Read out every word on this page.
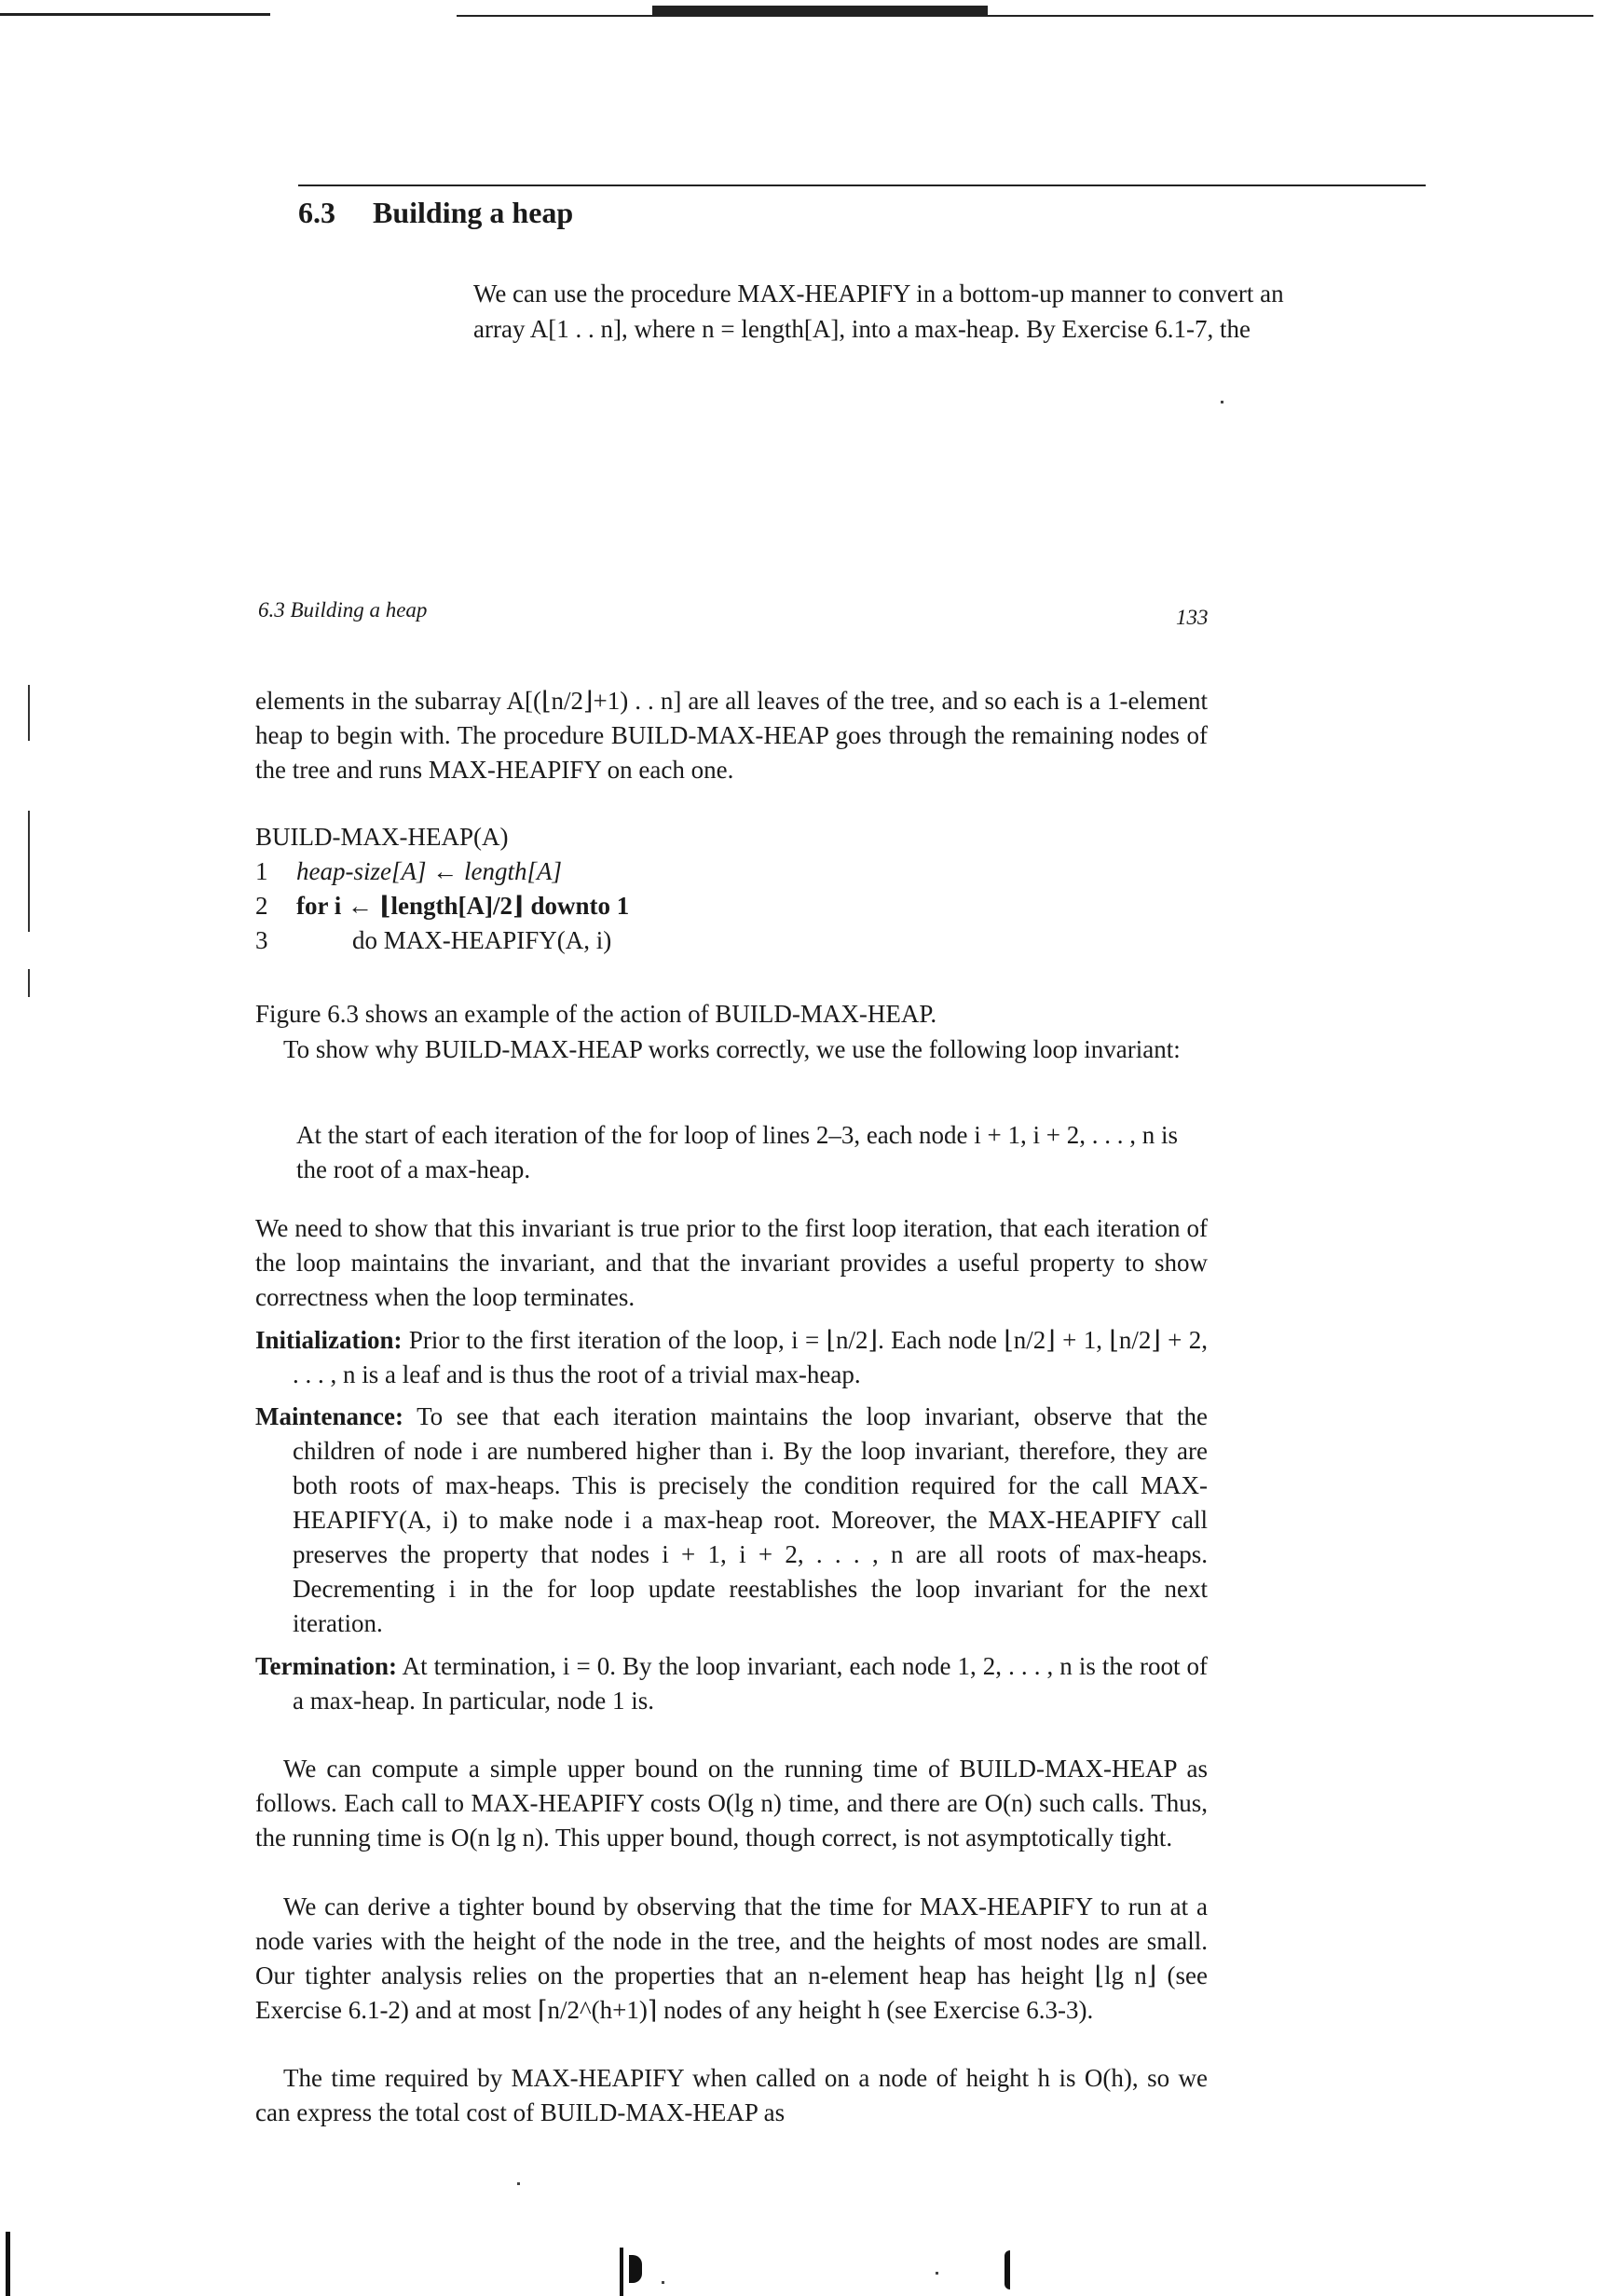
6.3 Building a heap
We can use the procedure MAX-HEAPIFY in a bottom-up manner to convert an
array A[1 . . n], where n = length[A], into a max-heap. By Exercise 6.1-7, the
6.3 Building a heap	133
elements in the subarray A[(⌊n/2⌋+1) . . n] are all leaves of the tree, and so each is a 1-element heap to begin with. The procedure BUILD-MAX-HEAP goes through the remaining nodes of the tree and runs MAX-HEAPIFY on each one.
BUILD-MAX-HEAP(A)
1 heap-size[A] ← length[A]
2 for i ← ⌊length[A]/2⌋ downto 1
3	do MAX-HEAPIFY(A, i)
Figure 6.3 shows an example of the action of BUILD-MAX-HEAP.
To show why BUILD-MAX-HEAP works correctly, we use the following loop invariant:
At the start of each iteration of the for loop of lines 2–3, each node i + 1, i + 2, . . . , n is the root of a max-heap.
We need to show that this invariant is true prior to the first loop iteration, that each iteration of the loop maintains the invariant, and that the invariant provides a useful property to show correctness when the loop terminates.
Initialization: Prior to the first iteration of the loop, i = ⌊n/2⌋. Each node ⌊n/2⌋ + 1, ⌊n/2⌋ + 2, . . . , n is a leaf and is thus the root of a trivial max-heap.
Maintenance: To see that each iteration maintains the loop invariant, observe that the children of node i are numbered higher than i. By the loop invariant, therefore, they are both roots of max-heaps. This is precisely the condition required for the call MAX-HEAPIFY(A, i) to make node i a max-heap root. Moreover, the MAX-HEAPIFY call preserves the property that nodes i + 1, i + 2, . . . , n are all roots of max-heaps. Decrementing i in the for loop update reestablishes the loop invariant for the next iteration.
Termination: At termination, i = 0. By the loop invariant, each node 1, 2, . . . , n is the root of a max-heap. In particular, node 1 is.
We can compute a simple upper bound on the running time of BUILD-MAX-HEAP as follows. Each call to MAX-HEAPIFY costs O(lg n) time, and there are O(n) such calls. Thus, the running time is O(n lg n). This upper bound, though correct, is not asymptotically tight.
We can derive a tighter bound by observing that the time for MAX-HEAPIFY to run at a node varies with the height of the node in the tree, and the heights of most nodes are small. Our tighter analysis relies on the properties that an n-element heap has height ⌊lg n⌋ (see Exercise 6.1-2) and at most ⌈n/2^(h+1)⌉ nodes of any height h (see Exercise 6.3-3).
The time required by MAX-HEAPIFY when called on a node of height h is O(h), so we can express the total cost of BUILD-MAX-HEAP as
